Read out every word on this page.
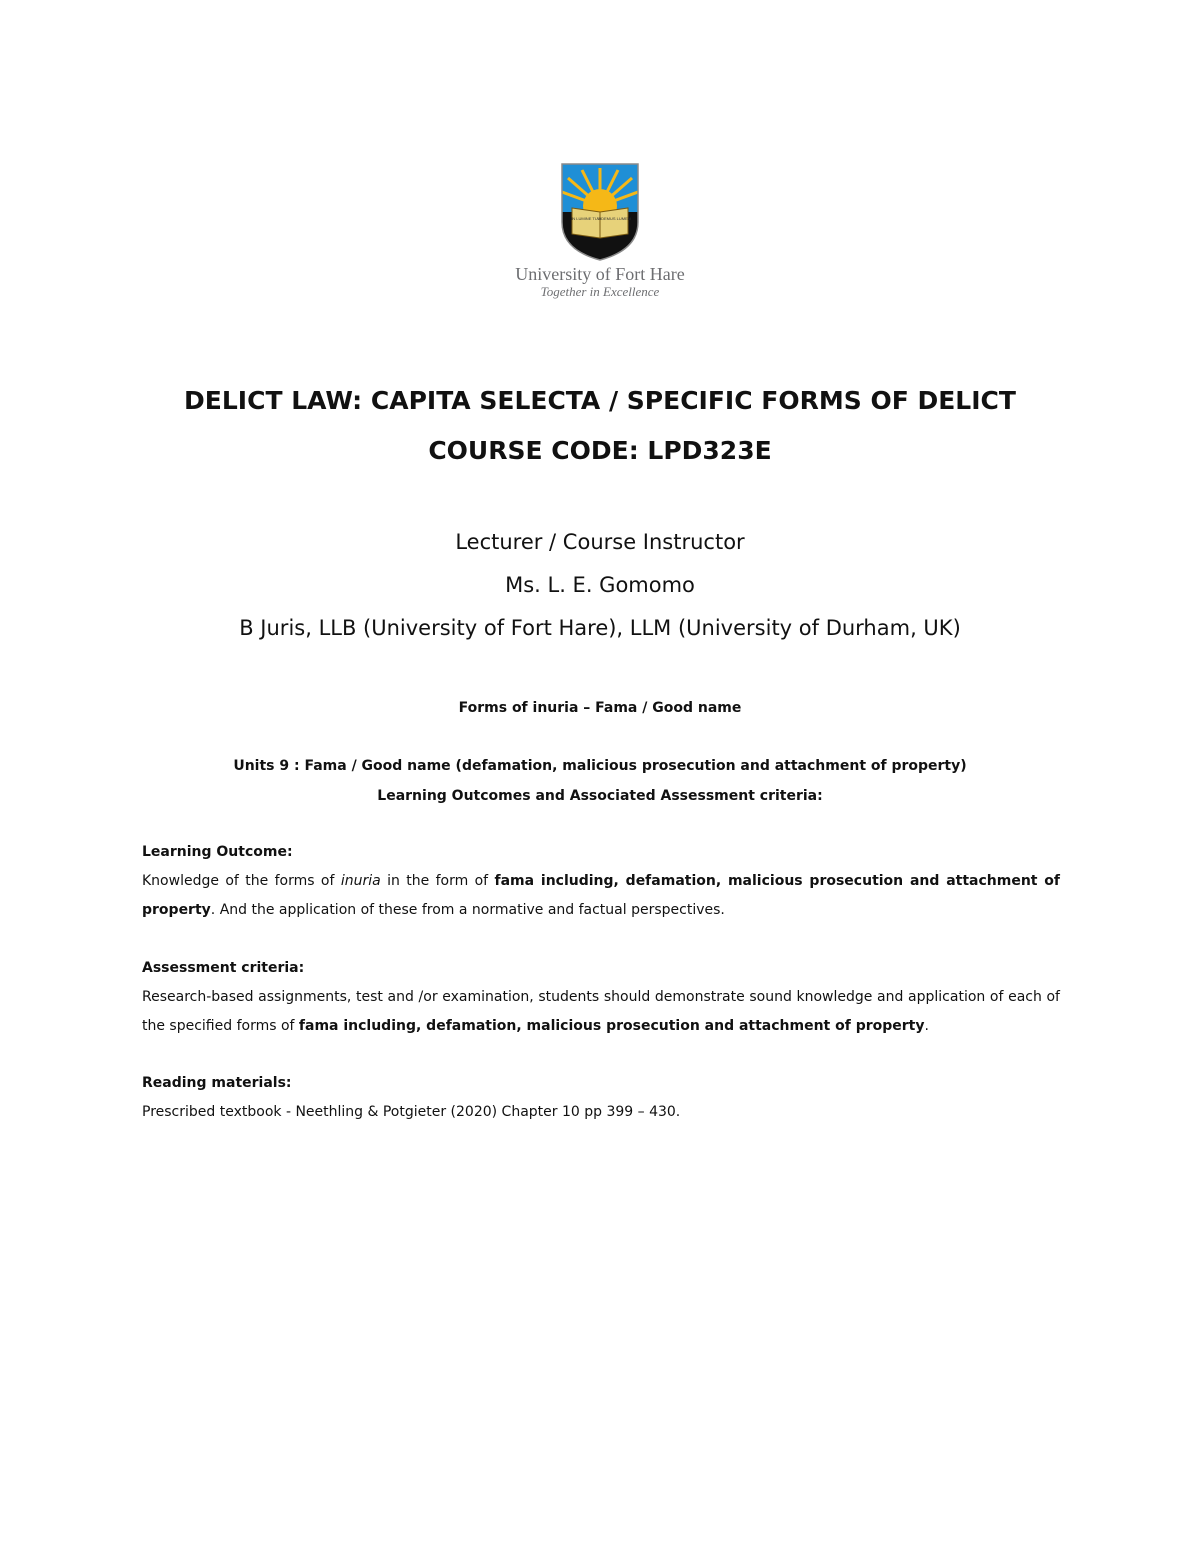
IN LUMINE TUO
VIDEMUS LUMEN
University of Fort Hare
Together in Excellence
DELICT LAW: CAPITA SELECTA / SPECIFIC FORMS OF DELICT
COURSE CODE: LPD323E
Lecturer / Course Instructor
Ms. L. E. Gomomo
B Juris, LLB (University of Fort Hare), LLM (University of Durham, UK)
Forms of inuria – Fama / Good name
Units 9 : Fama / Good name (defamation, malicious prosecution and attachment of property)
Learning Outcomes and Associated Assessment criteria:
Learning Outcome:
Knowledge of the forms of inuria in the form of fama including, defamation, malicious prosecution and attachment of property. And the application of these from a normative and factual perspectives.
Assessment criteria:
Research-based assignments, test and /or examination, students should demonstrate sound knowledge and application of each of the specified forms of fama including, defamation, malicious prosecution and attachment of property.
Reading materials:
Prescribed textbook - Neethling & Potgieter (2020) Chapter 10 pp 399 – 430.
